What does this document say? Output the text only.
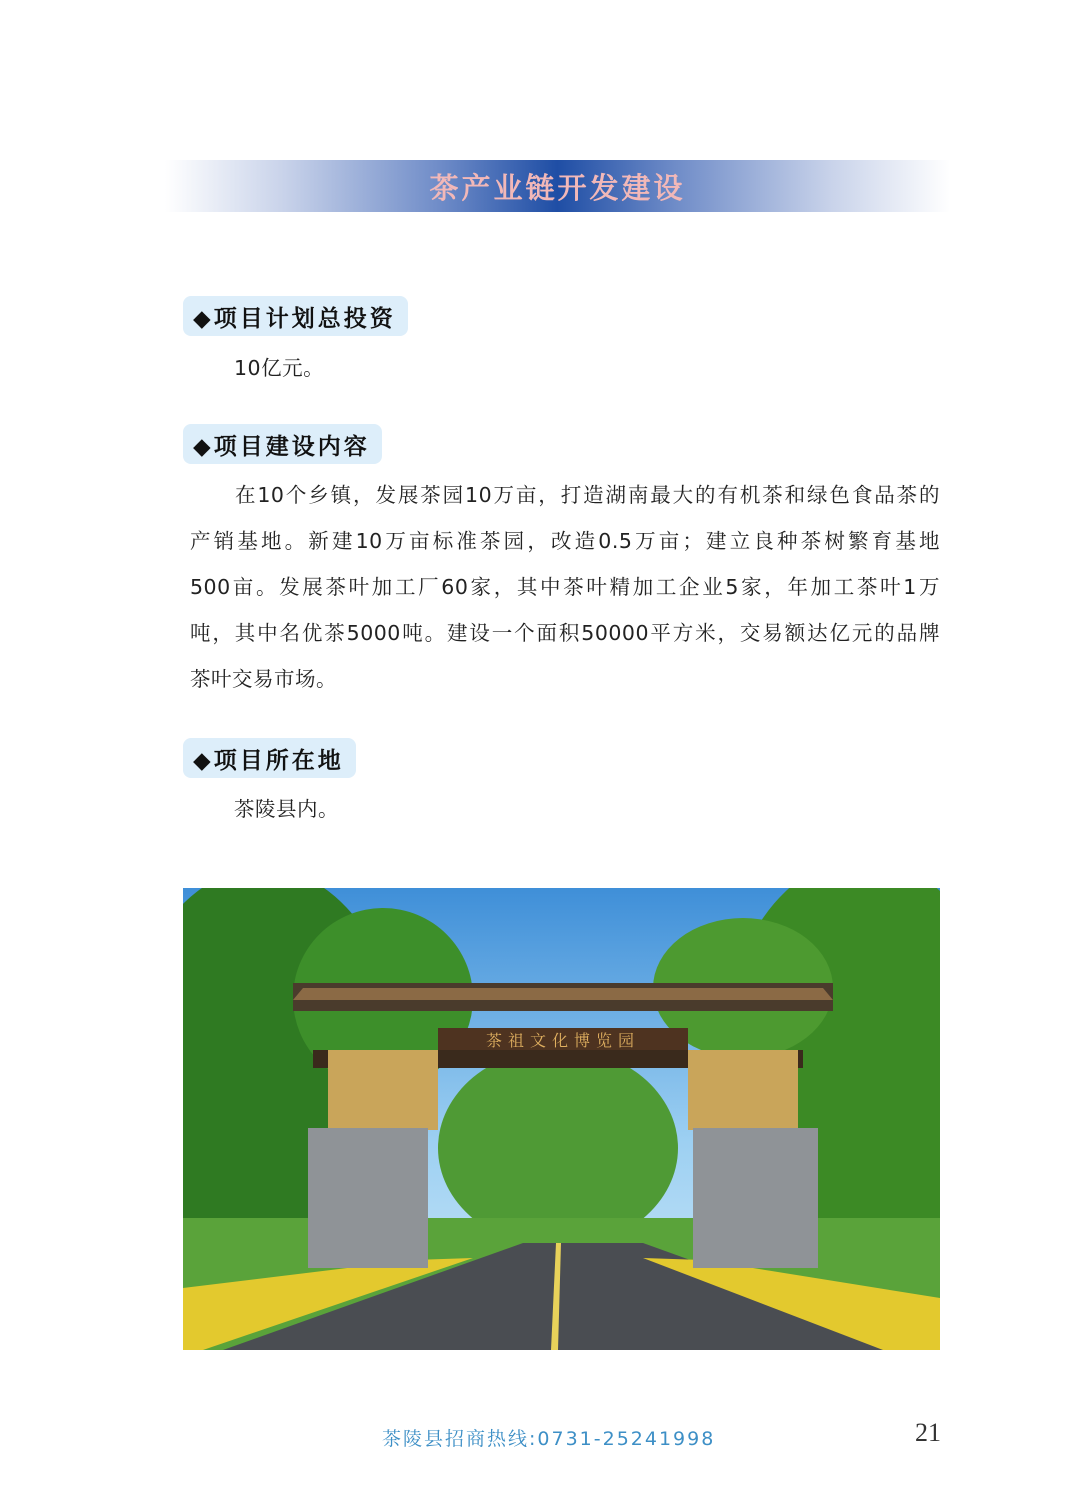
茶产业链开发建设
◆项目计划总投资
10亿元。
◆项目建设内容
在10个乡镇，发展茶园10万亩，打造湖南最大的有机茶和绿色食品茶的
产销基地。新建10万亩标准茶园，改造0.5万亩；建立良种茶树繁育基地
500亩。发展茶叶加工厂60家，其中茶叶精加工企业5家，年加工茶叶1万
吨，其中名优茶5000吨。建设一个面积50000平方米，交易额达亿元的品牌
茶叶交易市场。
◆项目所在地
茶陵县内。
茶祖文化博览园
茶陵县招商热线:0731-25241998	21
